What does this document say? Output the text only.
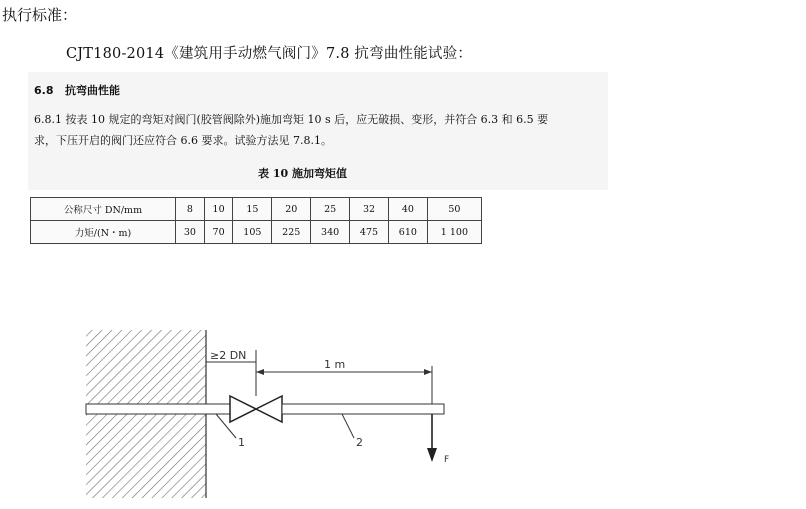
执行标准：
CJT180-2014《建筑用手动燃气阀门》7.8 抗弯曲性能试验：
6.8 抗弯曲性能
6.8.1 按表 10 规定的弯矩对阀门(胶管阀除外)施加弯矩 10 s 后，应无破损、变形，并符合 6.3 和 6.5 要
求，下压开启的阀门还应符合 6.6 要求。试验方法见 7.8.1。
表 10 施加弯矩值
公称尺寸 DN/mm	8	10	15	20	25	32	40	50
力矩/(N・m)	30	70	105	225	340	475	610	1 100
≥2 DN
1 m
F
1	2
